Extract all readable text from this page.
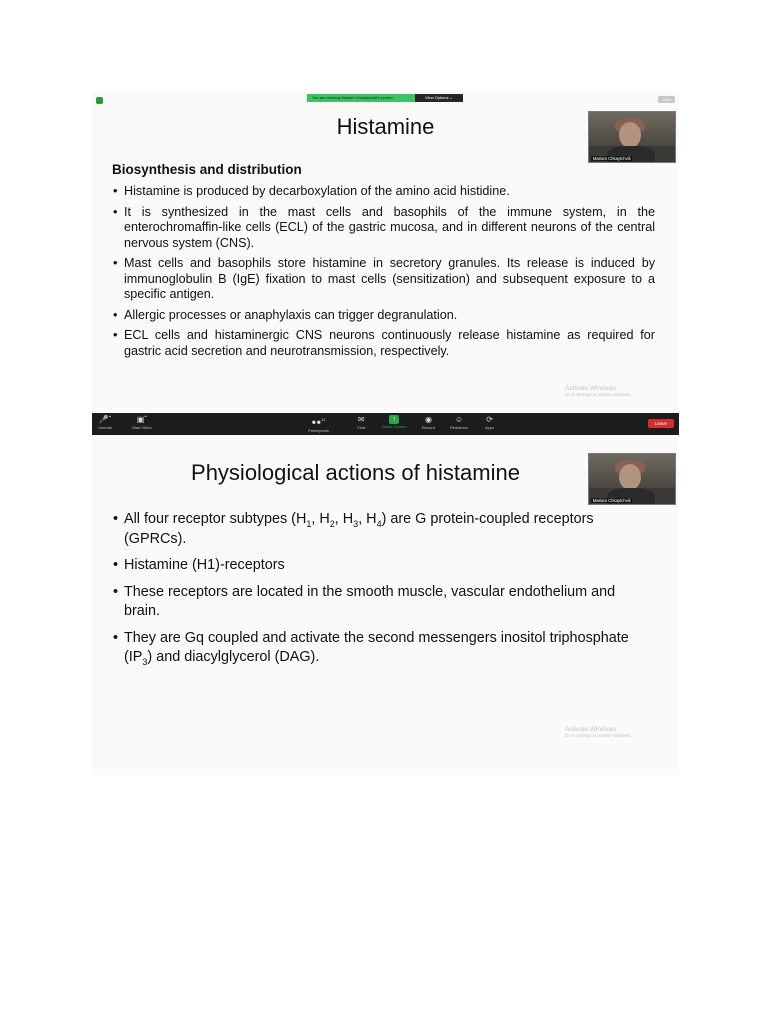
You are viewing Mariam Chkaytchvili's screen	View Options ⌄	View
Histamine
Biosynthesis and distribution
• Histamine is produced by decarboxylation of the amino acid histidine.
• It is synthesized in the mast cells and basophils of the immune system, in the enterochromaffin-like cells (ECL) of the gastric mucosa, and in different neurons of the central nervous system (CNS).
• Mast cells and basophils store histamine in secretory granules. Its release is induced by immunoglobulin B (IgE) fixation to mast cells (sensitization) and subsequent exposure to a specific antigen.
• Allergic processes or anaphylaxis can trigger degranulation.
• ECL cells and histaminergic CNS neurons continuously release histamine as required for gastric acid secretion and neurotransmission, respectively.
Mariam Chkaytchvili
Activate Windows
Go to Settings to activate Windows.
🎤ˇ
Unmute
▣ˇ
Start Video
●●$^{11}$
Participants
✉
Chat
↑
Share Screen
◉
Record
☺
Reactions
⟳
Apps
Leave
Physiological actions of histamine
• All four receptor subtypes ($H_1$, $H_2$, $H_3$, $H_4$) are G protein-coupled receptors (GPRCs).
• Histamine (H1)-receptors
• These receptors are located in the smooth muscle, vascular endothelium and brain.
• They are Gq coupled and activate the second messengers inositol triphosphate $(IP_3)$ and diacylglycerol (DAG).
Mariam Chkaytchvili
Activate Windows
Go to Settings to activate Windows.
